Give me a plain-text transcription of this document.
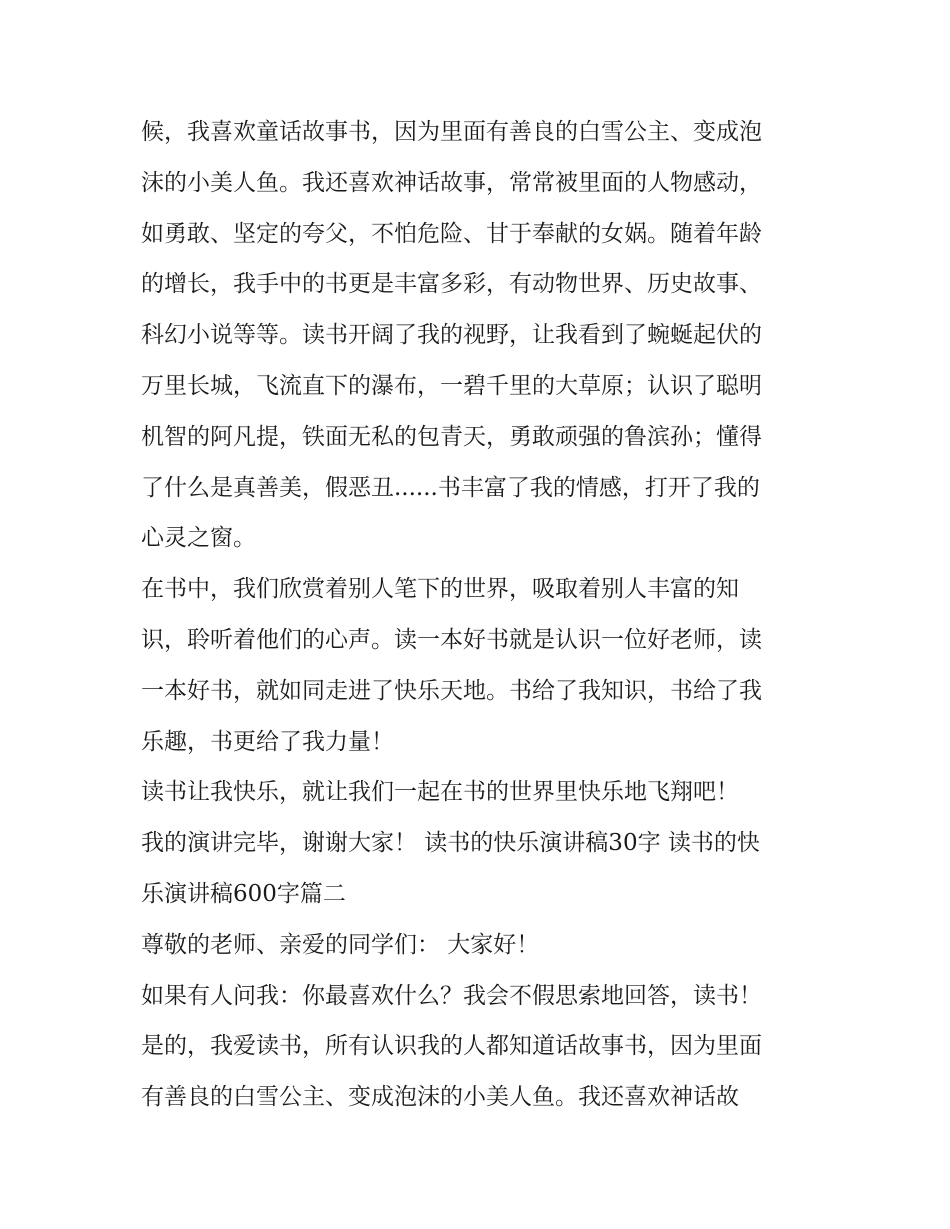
候，我喜欢童话故事书，因为里面有善良的白雪公主、变成泡
沫的小美人鱼。我还喜欢神话故事，常常被里面的人物感动，
如勇敢、坚定的夸父，不怕危险、甘于奉献的女娲。随着年龄
的增长，我手中的书更是丰富多彩，有动物世界、历史故事、
科幻小说等等。读书开阔了我的视野，让我看到了蜿蜒起伏的
万里长城，飞流直下的瀑布，一碧千里的大草原；认识了聪明
机智的阿凡提，铁面无私的包青天，勇敢顽强的鲁滨孙；懂得
了什么是真善美，假恶丑......书丰富了我的情感，打开了我的
心灵之窗。
在书中，我们欣赏着别人笔下的世界，吸取着别人丰富的知
识，聆听着他们的心声。读一本好书就是认识一位好老师，读
一本好书，就如同走进了快乐天地。书给了我知识，书给了我
乐趣，书更给了我力量！
读书让我快乐，就让我们一起在书的世界里快乐地飞翔吧！
我的演讲完毕，谢谢大家！ 读书的快乐演讲稿30字 读书的快
乐演讲稿600字篇二
尊敬的老师、亲爱的同学们： 大家好！
如果有人问我：你最喜欢什么？我会不假思索地回答，读书！
是的，我爱读书，所有认识我的人都知道话故事书，因为里面
有善良的白雪公主、变成泡沫的小美人鱼。我还喜欢神话故
